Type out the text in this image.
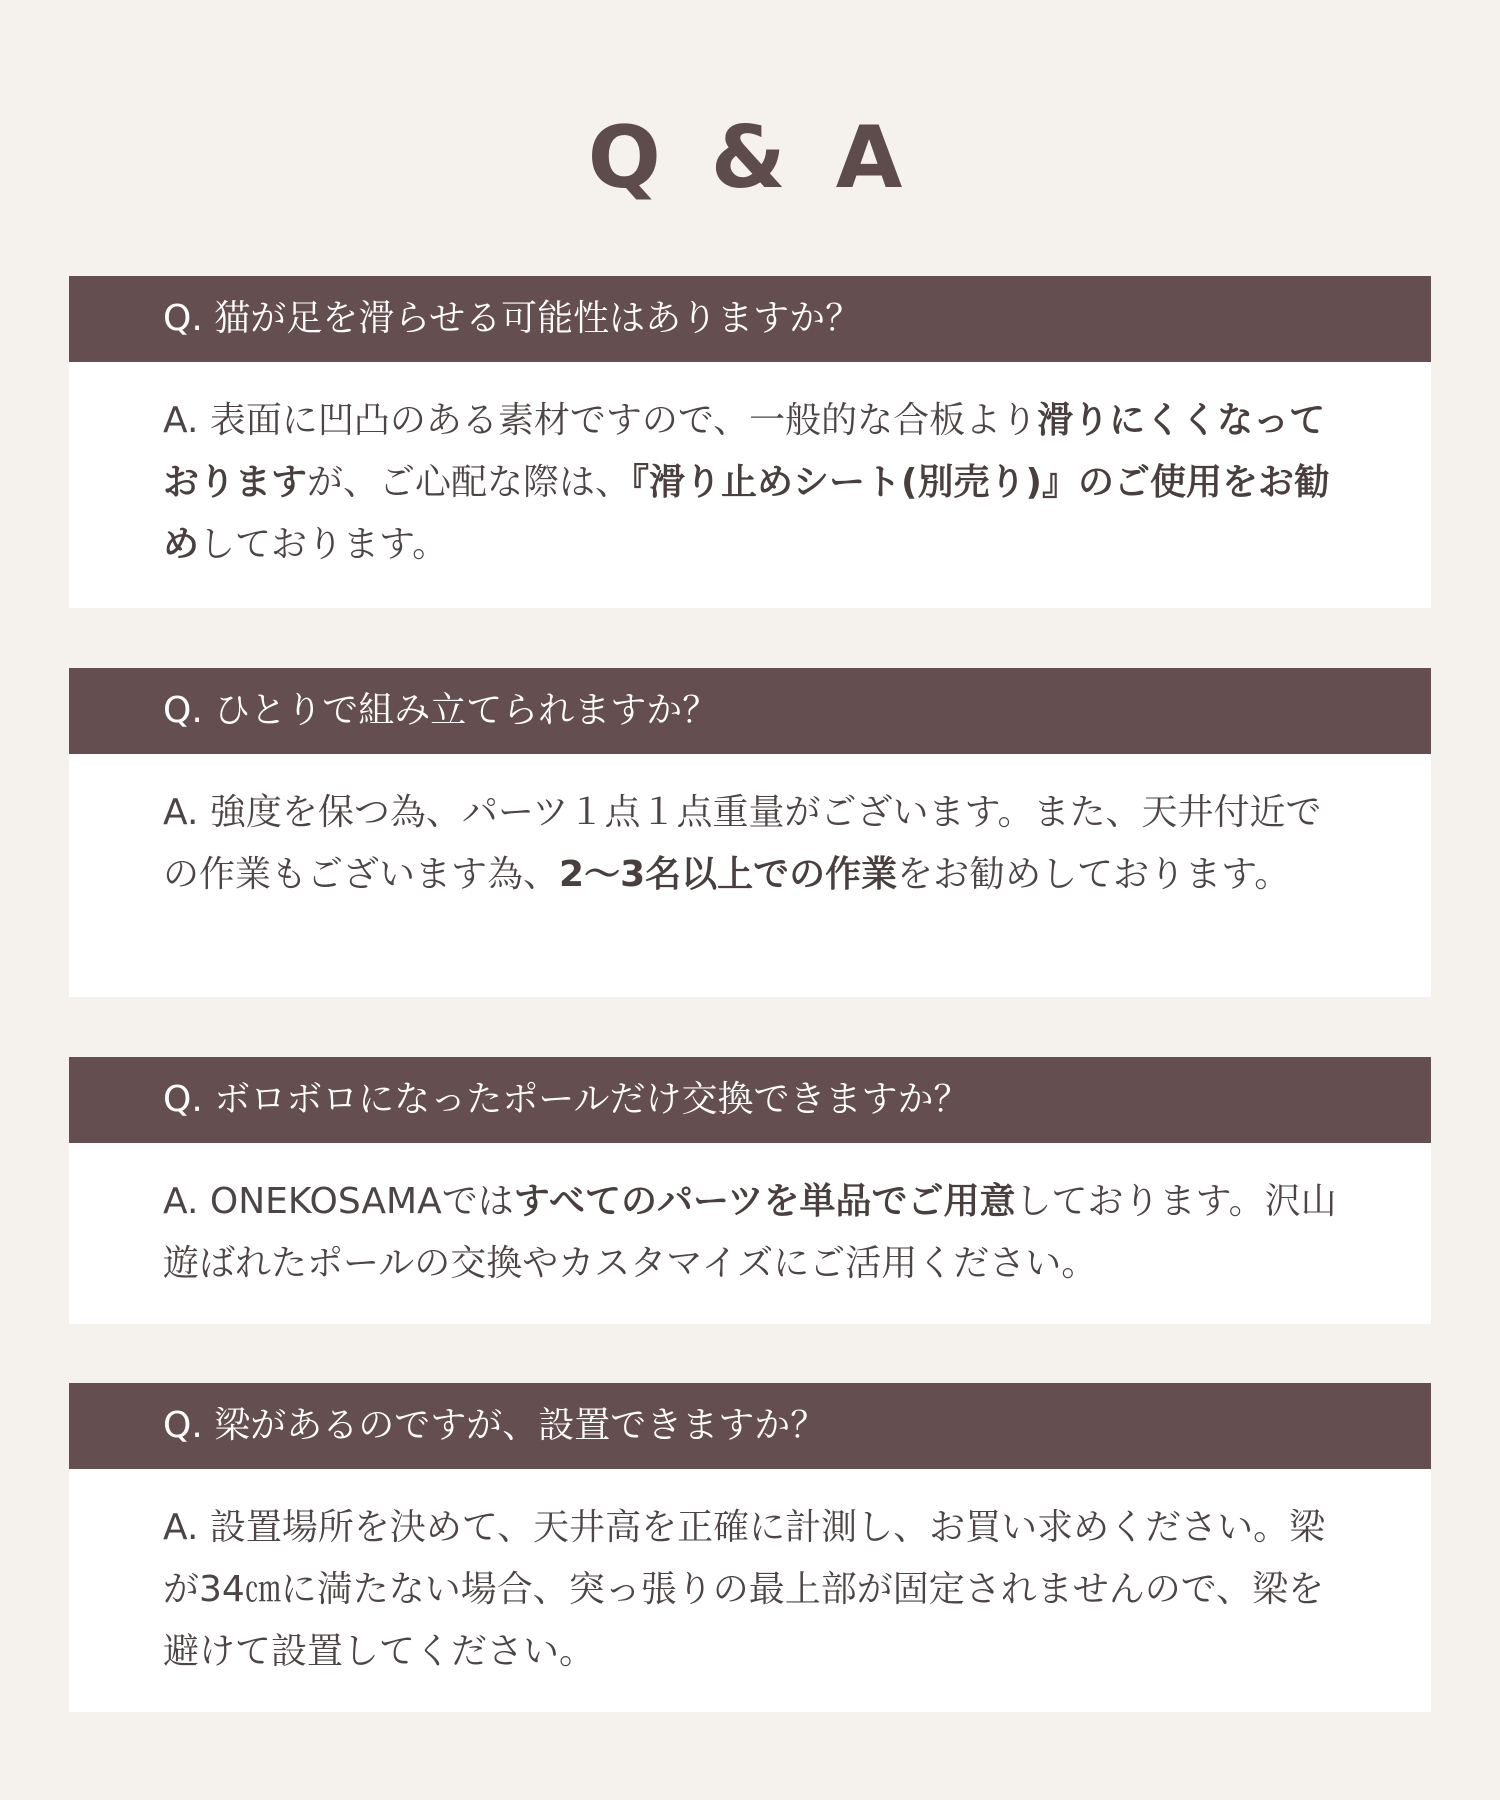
Q & A
Q. 猫が足を滑らせる可能性はありますか？

A. 表面に凹凸のある素材ですので、一般的な合板より滑りにくくなっておりますが、ご心配な際は、『滑り止めシート(別売り)』のご使用をお勧めしております。

Q. ひとりで組み立てられますか？

A. 強度を保つ為、パーツ１点１点重量がございます。また、天井付近での作業もございます為、2〜3名以上での作業をお勧めしております。

Q. ボロボロになったポールだけ交換できますか？

A. ONEKOSAMAではすべてのパーツを単品でご用意しております。沢山遊ばれたポールの交換やカスタマイズにご活用ください。

Q. 梁があるのですが、設置できますか？

A. 設置場所を決めて、天井高を正確に計測し、お買い求めください。梁が34㎝に満たない場合、突っ張りの最上部が固定されませんので、梁を避けて設置してください。
